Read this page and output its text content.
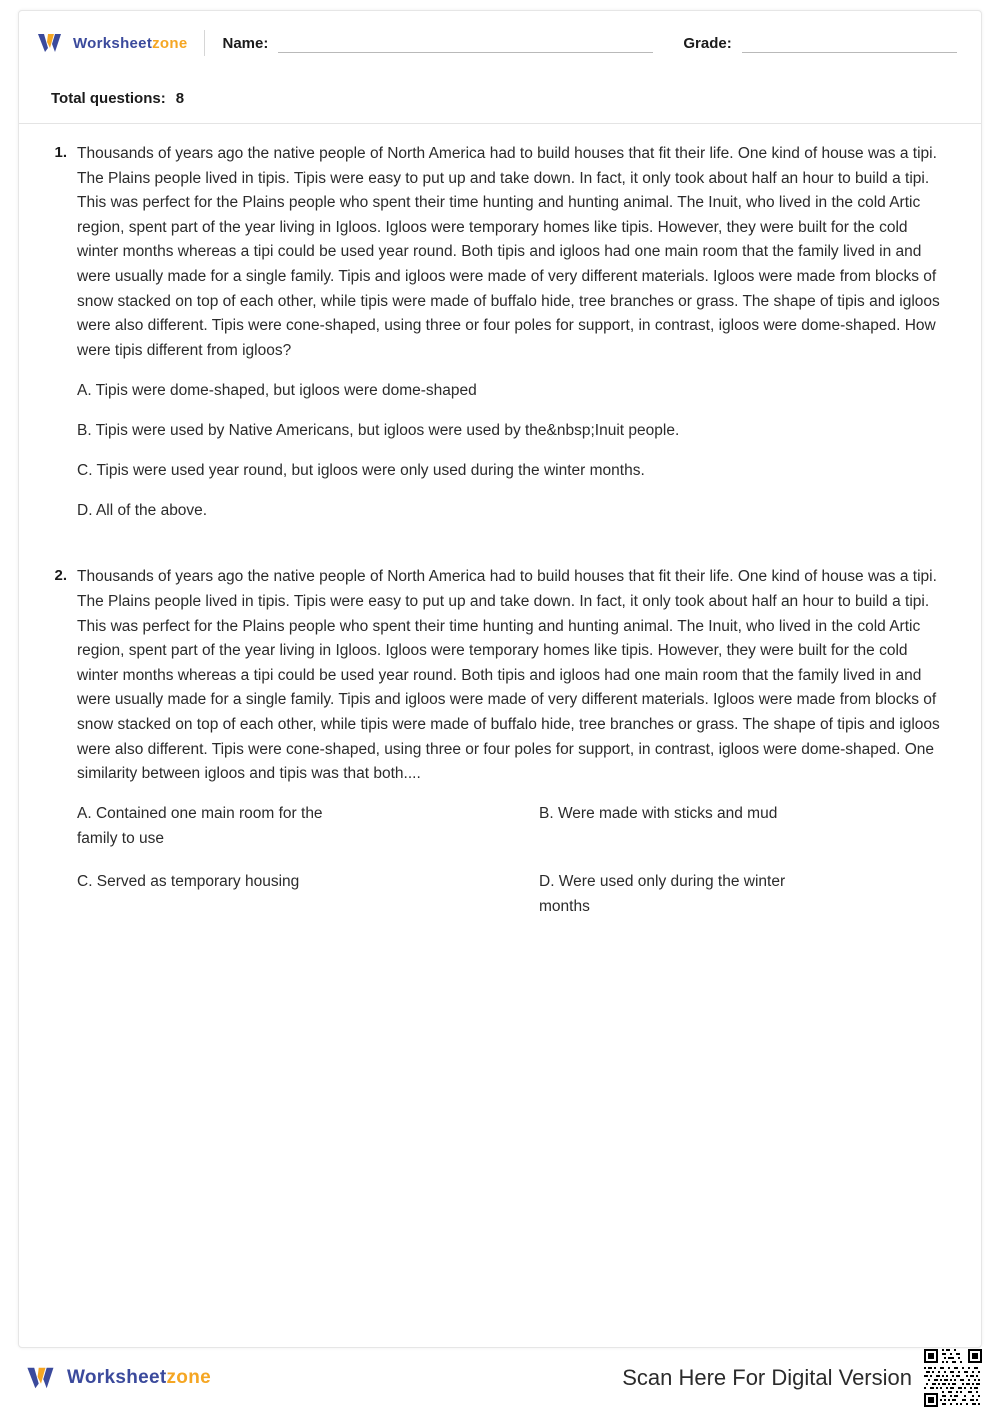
Worksheetzone Name:	Grade:
Total questions: 8
1. Thousands of years ago the native people of North America had to build houses that fit their life. One kind of house was a tipi. The Plains people lived in tipis. Tipis were easy to put up and take down. In fact, it only took about half an hour to build a tipi. This was perfect for the Plains people who spent their time hunting and hunting animal. The Inuit, who lived in the cold Artic region, spent part of the year living in Igloos. Igloos were temporary homes like tipis. However, they were built for the cold winter months whereas a tipi could be used year round. Both tipis and igloos had one main room that the family lived in and were usually made for a single family. Tipis and igloos were made of very different materials. Igloos were made from blocks of snow stacked on top of each other, while tipis were made of buffalo hide, tree branches or grass. The shape of tipis and igloos were also different. Tipis were cone-shaped, using three or four poles for support, in contrast, igloos were dome-shaped. How were tipis different from igloos?
A. Tipis were dome-shaped, but igloos were dome-shaped
B. Tipis were used by Native Americans, but igloos were used by the&nbsp;Inuit people.
C. Tipis were used year round, but igloos were only used during the winter months.
D. All of the above.
2. Thousands of years ago the native people of North America had to build houses that fit their life. One kind of house was a tipi. The Plains people lived in tipis. Tipis were easy to put up and take down. In fact, it only took about half an hour to build a tipi. This was perfect for the Plains people who spent their time hunting and hunting animal. The Inuit, who lived in the cold Artic region, spent part of the year living in Igloos. Igloos were temporary homes like tipis. However, they were built for the cold winter months whereas a tipi could be used year round. Both tipis and igloos had one main room that the family lived in and were usually made for a single family. Tipis and igloos were made of very different materials. Igloos were made from blocks of snow stacked on top of each other, while tipis were made of buffalo hide, tree branches or grass. The shape of tipis and igloos were also different. Tipis were cone-shaped, using three or four poles for support, in contrast, igloos were dome-shaped. One similarity between igloos and tipis was that both....
A. Contained one main room for the family to use
B. Were made with sticks and mud
C. Served as temporary housing	D. Were used only during the winter months
Worksheetzone	Scan Here For Digital Version
